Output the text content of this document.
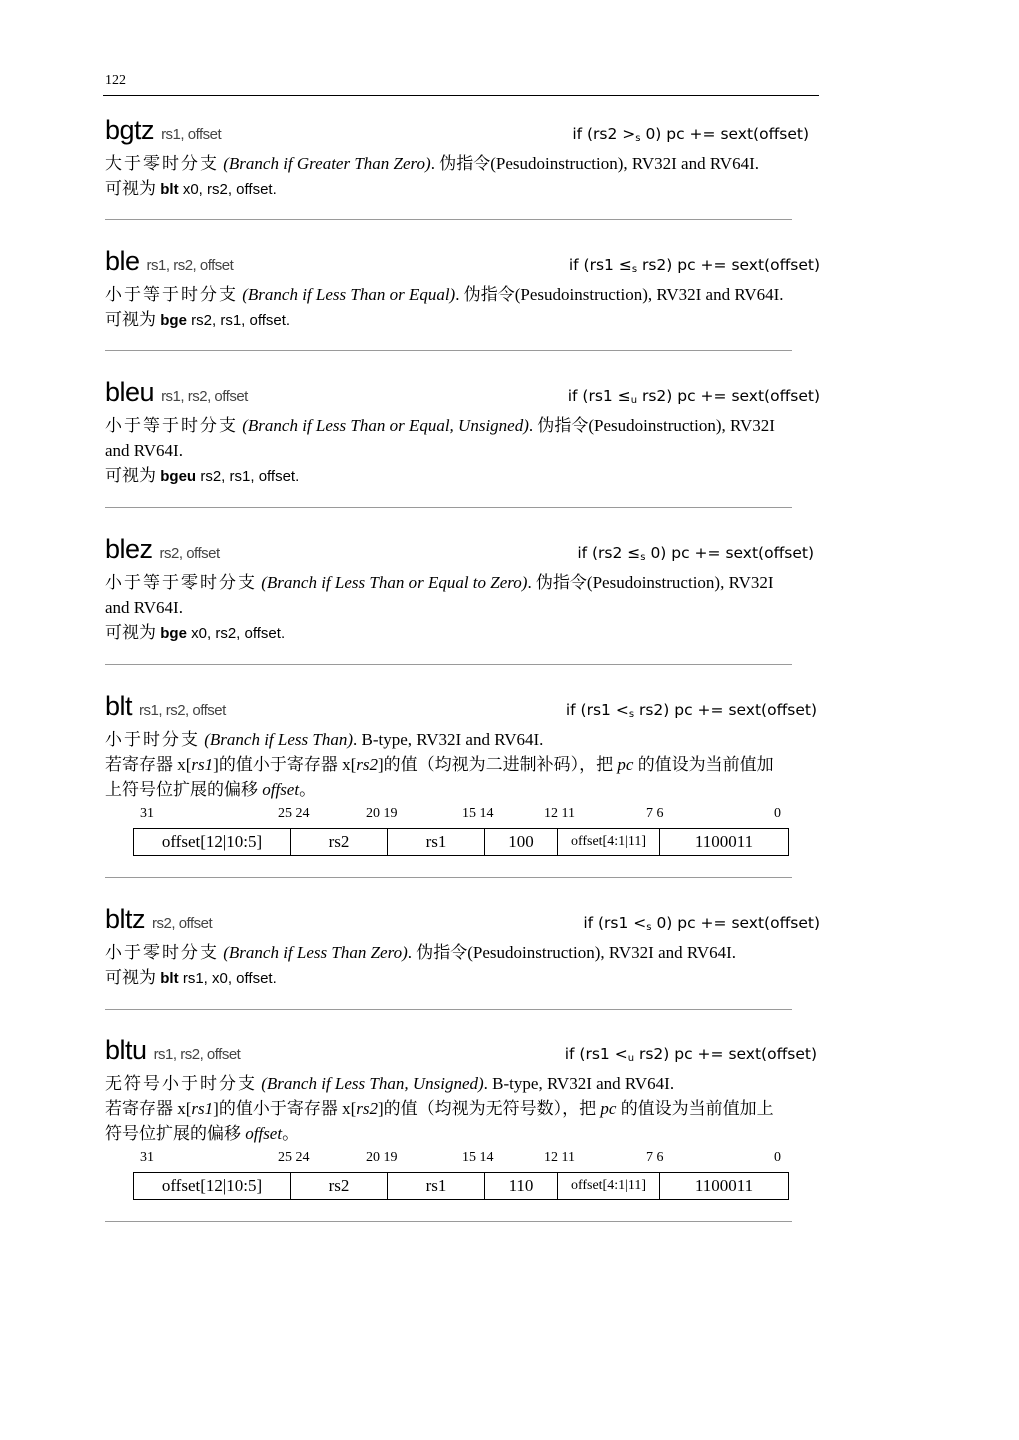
122
bgtz rs1, offset	if ($rs2 >_s$ 0) pc += sext(offset)

大于零时分支 (Branch if Greater Than Zero). 伪指令(Pesudoinstruction), RV32I and RV64I.

可视为 blt x0, rs2, offset.

ble rs1, rs2, offset	if ($rs1 \le_s$ rs2) pc += sext(offset)

小于等于时分支 (Branch if Less Than or Equal). 伪指令(Pesudoinstruction), RV32I and RV64I.

可视为 bge rs2, rs1, offset.

bleu rs1, rs2, offset	if ($rs1 \le_u$ rs2) pc += sext(offset)

小于等于时分支 (Branch if Less Than or Equal, Unsigned). 伪指令(Pesudoinstruction), RV32I

and RV64I.

可视为 bgeu rs2, rs1, offset.

blez rs2, offset	if ($rs2 \le_s$ 0) pc += sext(offset)

小于等于零时分支 (Branch if Less Than or Equal to Zero). 伪指令(Pesudoinstruction), RV32I

and RV64I.

可视为 bge x0, rs2, offset.

blt rs1, rs2, offset	if ($rs1 <_s$ rs2) pc += sext(offset)

小于时分支 (Branch if Less Than). B-type, RV32I and RV64I.

若寄存器 x[rs1]的值小于寄存器 x[rs2]的值（均视为二进制补码），把 pc 的值设为当前值加

上符号位扩展的偏移 offset。

31	25 24	20 19	15 14	12 11	7 6	0
offset[12|10:5]	rs2	rs1	100	offset[4:1|11]	1100011
bltz rs2, offset	if ($rs1 <_s$ 0) pc += sext(offset)

小于零时分支 (Branch if Less Than Zero). 伪指令(Pesudoinstruction), RV32I and RV64I.

可视为 blt rs1, x0, offset.

bltu rs1, rs2, offset	if ($rs1 <_u$ rs2) pc += sext(offset)

无符号小于时分支 (Branch if Less Than, Unsigned). B-type, RV32I and RV64I.

若寄存器 x[rs1]的值小于寄存器 x[rs2]的值（均视为无符号数），把 pc 的值设为当前值加上

符号位扩展的偏移 offset。

31	25 24	20 19	15 14	12 11	7 6	0
offset[12|10:5]	rs2	rs1	110	offset[4:1|11]	1100011
